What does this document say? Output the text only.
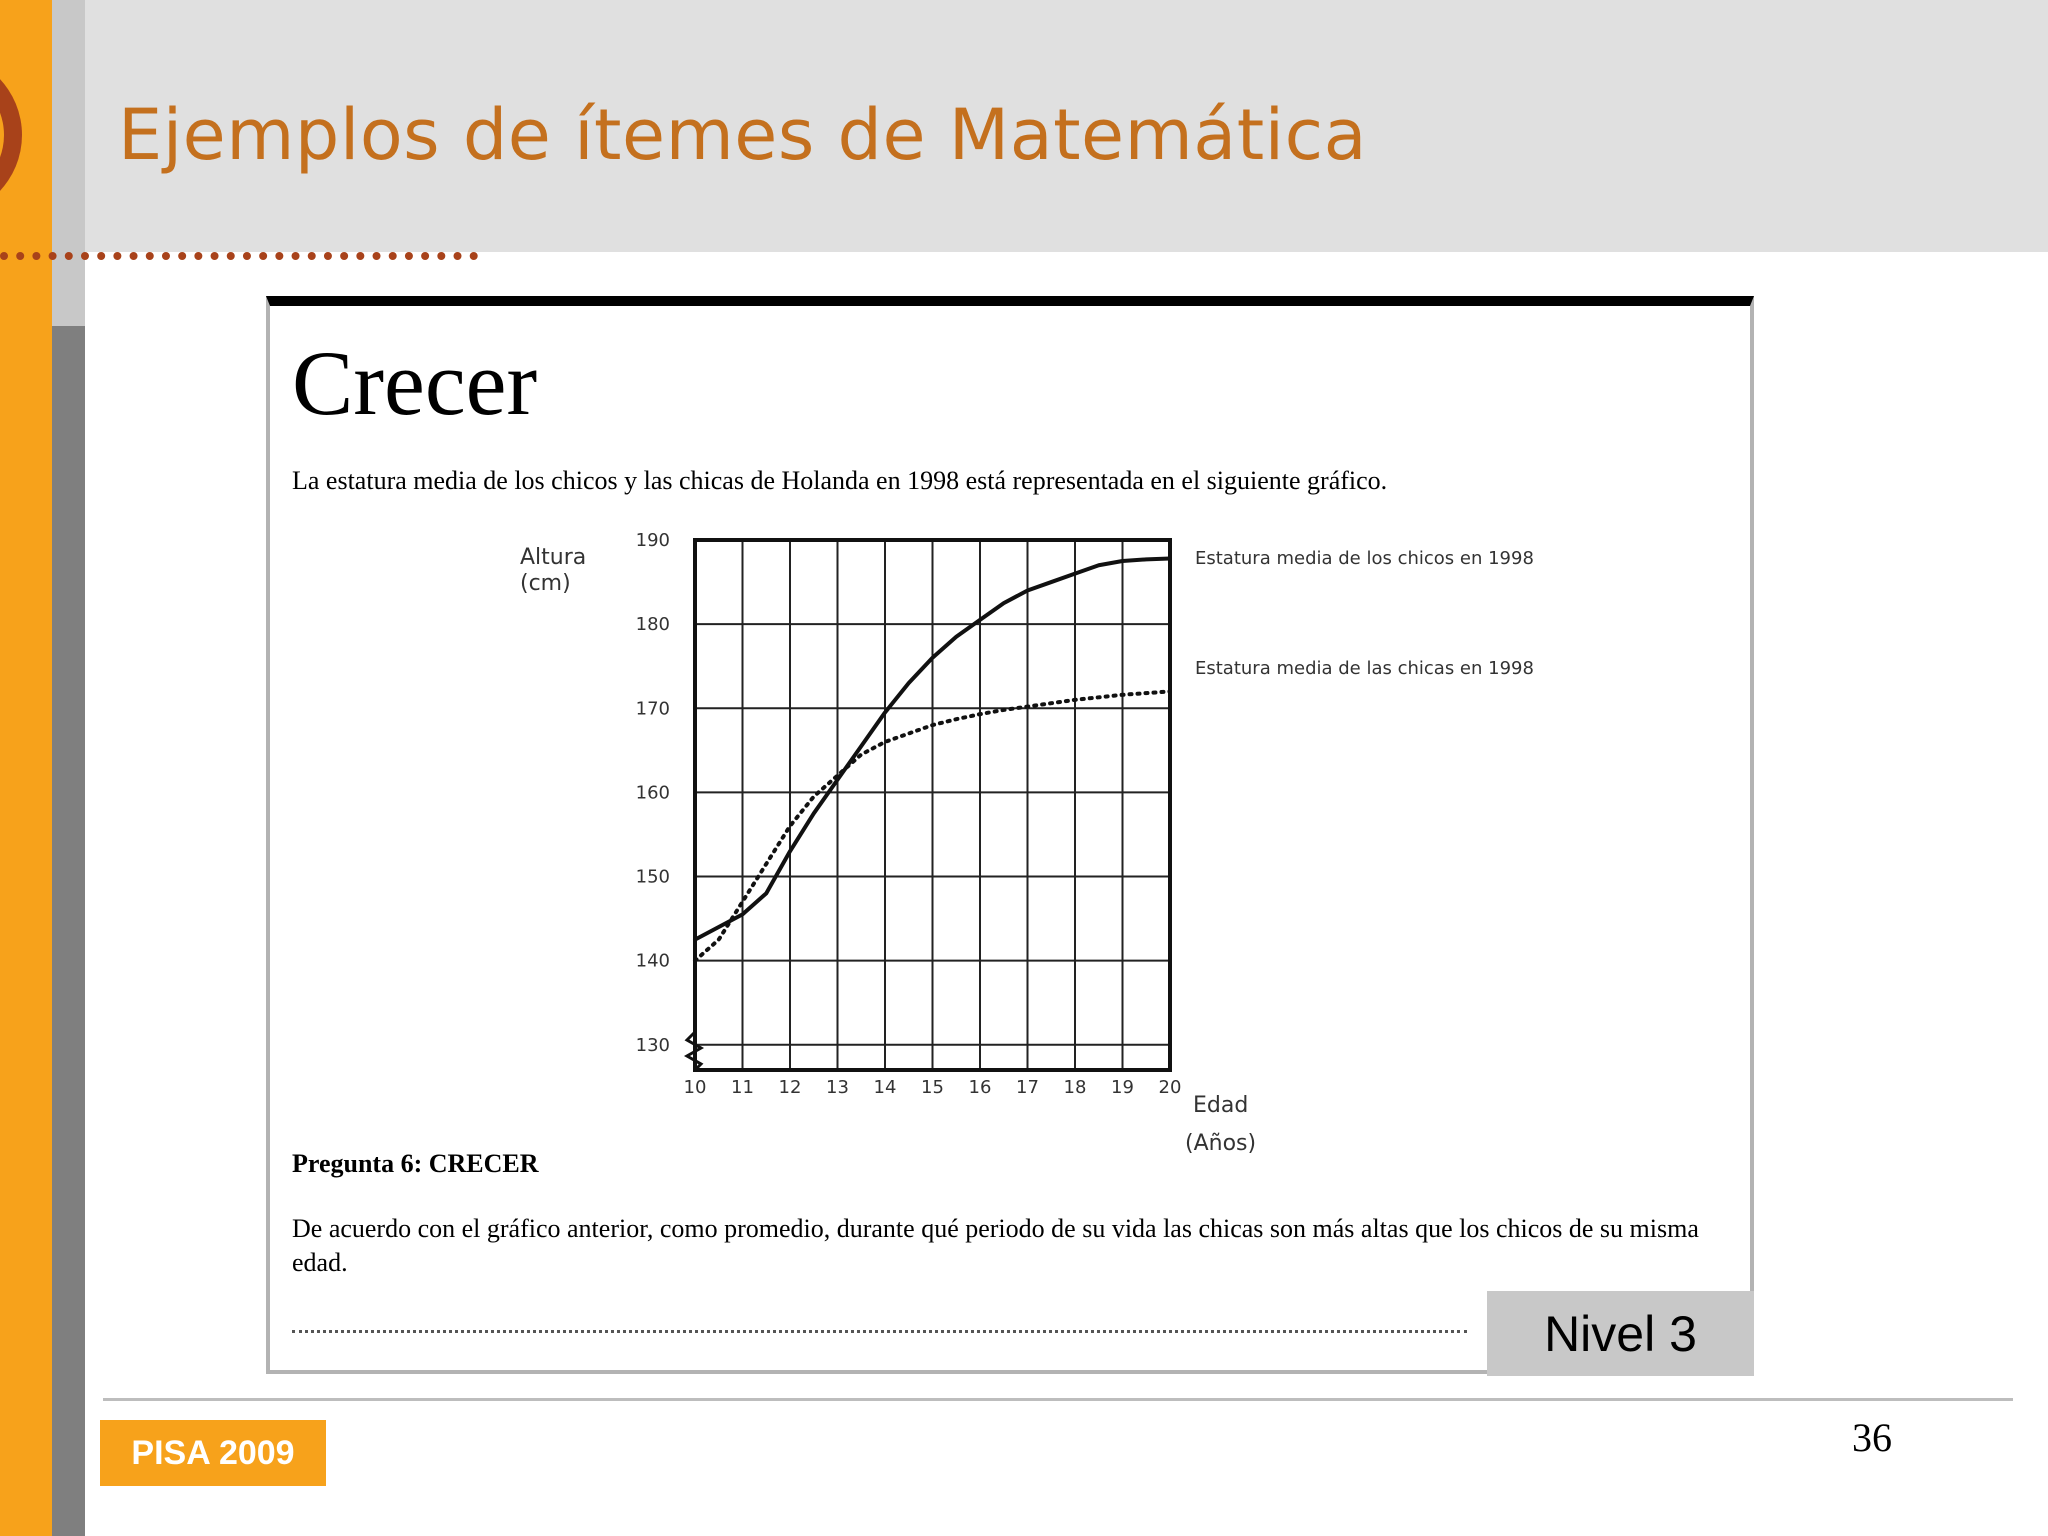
Ejemplos de ítemes de Matemática
Crecer

La estatura media de los chicos y las chicas de Holanda en 1998 está representada en el siguiente gráfico.

Estatura media de los chicos en 1998
Estatura media de las chicas en 1998
10 11 12 13 14 15 16 17 18 19 20
190
180
170
160
150
140
130
Altura
(cm)
Edad
(Años)

Pregunta 6: CRECER

De acuerdo con el gráfico anterior, como promedio, durante qué periodo de su vida las chicas son más altas que los chicos de su misma edad.

Nivel 3
PISA 2009	36
